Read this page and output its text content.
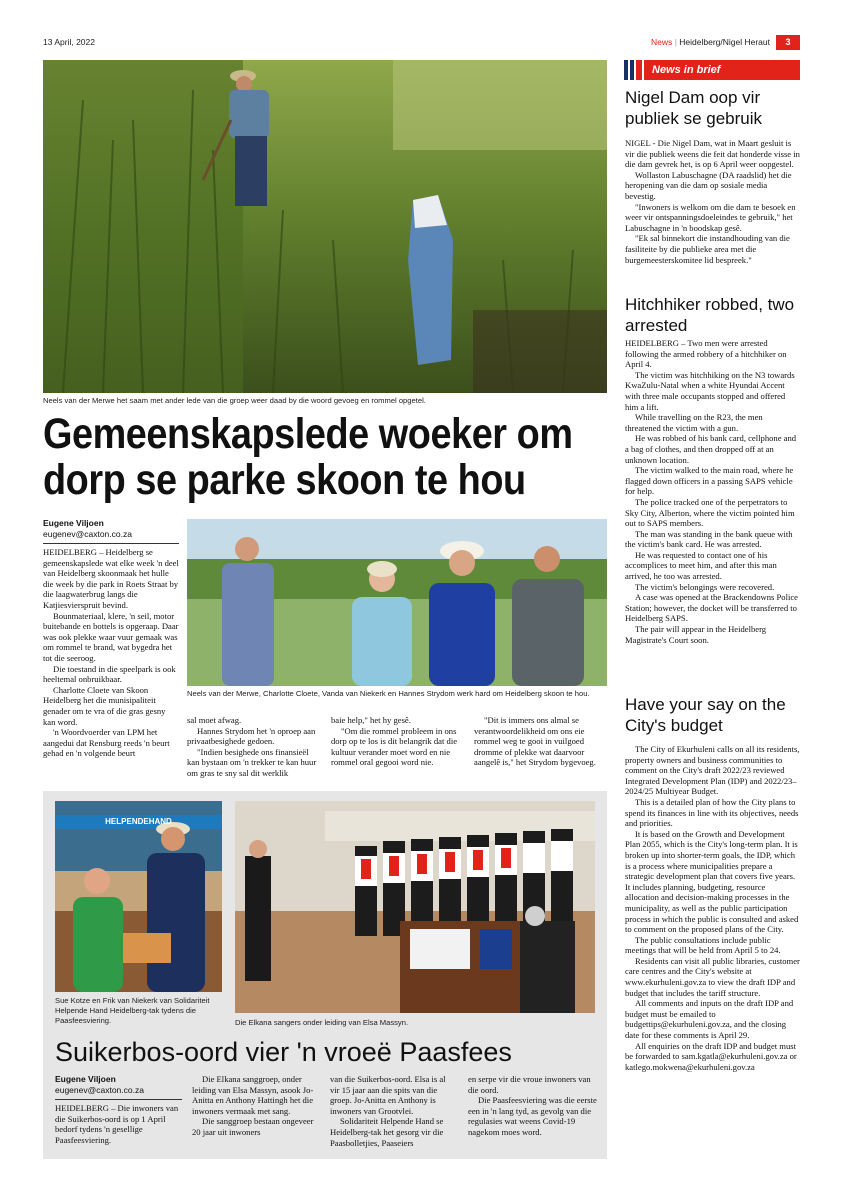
13 April, 2022	News | Heidelberg/Nigel Heraut	3
Neels van der Merwe het saam met ander lede van die groep weer daad by die woord gevoeg en rommel opgetel.
Gemeenskapslede woeker om
dorp se parke skoon te hou
Eugene Viljoen
eugenev@caxton.co.za

HEIDELBERG – Heidelberg se gemeenskapslede wat elke week 'n deel van Heidelberg skoonmaak het hulle die week by die park in Roets Straat by die laagwaterbrug langs die Katjiesvierspruit bevind.

Bounmateriaal, klere, 'n seil, motor buitebande en bottels is opgeraap. Daar was ook plekke waar vuur gemaak was om rommel te brand, wat bygedra het tot die seeroog.

Die toestand in die speelpark is ook heeltemal onbruikbaar.

Charlotte Cloete van Skoon Heidelberg het die munisipaliteit genader om te vra of die gras gesny kan word.

'n Woordvoerder van LPM het aangedui dat Rensburg reeds 'n beurt gehad en 'n volgende beurt

Neels van der Merwe, Charlotte Cloete, Vanda van Niekerk en Hannes Strydom werk hard om Heidelberg skoon te hou.

sal moet afwag.

Hannes Strydom het 'n oproep aan privaatbesighede gedoen.

"Indien besighede ons finansieël kan bystaan om 'n trekker te kan huur om gras te sny sal dit werklik

baie help," het hy gesê.

"Om die rommel probleem in ons dorp op te los is dit belangrik dat die kultuur verander moet word en nie rommel oral gegooi word nie.

"Dit is immers ons almal se verantwoordelikheid om ons eie rommel weg te gooi in vuilgoed dromme of plekke wat daarvoor aangelê is," het Strydom bygevoeg.

News in brief
Nigel Dam oop vir publiek se gebruik

NIGEL - Die Nigel Dam, wat in Maart gesluit is vir die publiek weens die feit dat honderde visse in die dam gevrek het, is op 6 April weer oopgestel.

Wollaston Labuschagne (DA raadslid) het die heropening van die dam op sosiale media bevestig.

"Inwoners is welkom om die dam te besoek en weer vir ontspanningsdoeleindes te gebruik," het Labuschagne in 'n boodskap gesê.

"Ek sal binnekort die instandhouding van die fasiliteite by die publieke area met die burgemeesterskomitee lid bespreek."

Hitchhiker robbed, two arrested

HEIDELBERG – Two men were arrested following the armed robbery of a hitchhiker on April 4.

The victim was hitchhiking on the N3 towards KwaZulu-Natal when a white Hyundai Accent with three male occupants stopped and offered him a lift.

While travelling on the R23, the men threatened the victim with a gun.

He was robbed of his bank card, cellphone and a bag of clothes, and then dropped off at an unknown location.

The victim walked to the main road, where he flagged down officers in a passing SAPS vehicle for help.

The police tracked one of the perpetrators to Sky City, Alberton, where the victim pointed him out to SAPS members.

The man was standing in the bank queue with the victim's bank card. He was arrested.

He was requested to contact one of his accomplices to meet him, and after this man arrived, he too was arrested.

The victim's belongings were recovered.

A case was opened at the Brackendowns Police Station; however, the docket will be transferred to Heidelberg SAPS.

The pair will appear in the Heidelberg Magistrate's Court soon.

Have your say on the City's budget

The City of Ekurhuleni calls on all its residents, property owners and business communities to comment on the City's draft 2022/23 reviewed Integrated Development Plan (IDP) and 2022/23–2024/25 Multiyear Budget.

This is a detailed plan of how the City plans to spend its finances in line with its objectives, needs and priorities.

It is based on the Growth and Development Plan 2055, which is the City's long-term plan. It is broken up into shorter-term goals, the IDP, which is a process where municipalities prepare a strategic development plan that covers five years. It includes planning, budgeting, resource allocation and decision-making processes in the municipality, as well as the public participation process in which the public is consulted and asked to comment on the proposed plans of the City.

The public consultations include public meetings that will be held from April 5 to 24.

Residents can visit all public libraries, customer care centres and the City's website at www.ekurhuleni.gov.za to view the draft IDP and budget that includes the tariff structure.

All comments and inputs on the draft IDP and budget must be emailed to budgettips@ekurhuleni.gov.za, and the closing date for these comments is April 29.

All enquiries on the draft IDP and budget must be forwarded to sam.kgatla@ekurhuleni.gov.za or katlego.mokwena@ekurhuleni.gov.za

HELPENDEHAND
Sue Kotze en Frik van Niekerk van Solidariteit Helpende Hand Heidelberg-tak tydens die Paasfeesviering.	Die Elkana sangers onder leiding van Elsa Massyn.
Suikerbos-oord vier 'n vroeë Paasfees
Eugene Viljoen
eugenev@caxton.co.za

HEIDELBERG – Die inwoners van die Suikerbos-oord is op 1 April bedorf tydens 'n gesellige Paasfeesviering.

Die Elkana sanggroep, onder leiding van Elsa Massyn, asook Jo-Anitta en Anthony Hattingh het die inwoners vermaak met sang.

Die sanggroep bestaan ongeveer 20 jaar uit inwoners

van die Suikerbos-oord. Elsa is al vir 15 jaar aan die spits van die groep. Jo-Anitta en Anthony is inwoners van Grootvlei.

Solidariteit Helpende Hand se Heidelberg-tak het gesorg vir die Paasbolletjies, Paaseiers

en serpe vir die vroue inwoners van die oord.

Die Paasfeesviering was die eerste een in 'n lang tyd, as gevolg van die regulasies wat weens Covid-19 nagekom moes word.
